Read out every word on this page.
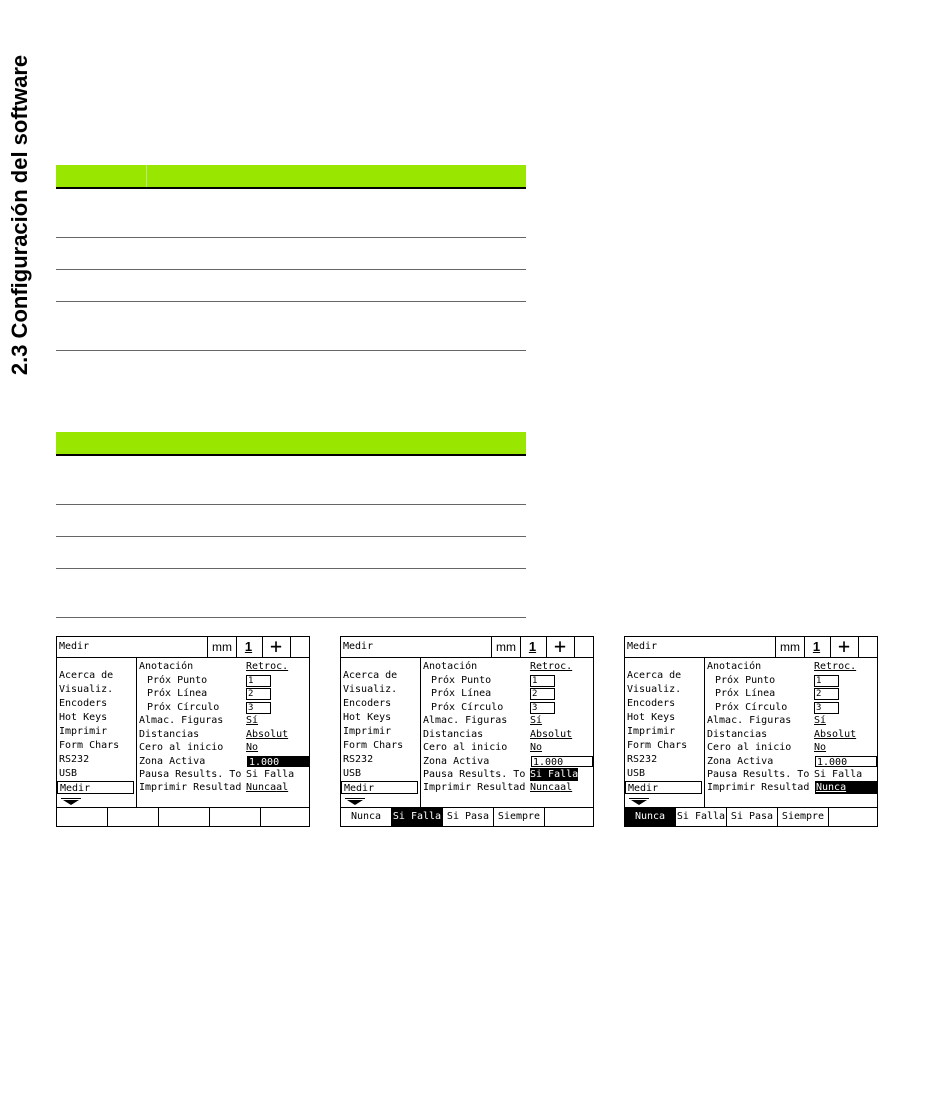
2.3 Configuración del software
Medir	mm 1 +
Acerca de
Visualiz.
Encoders
Hot Keys
Imprimir
Form Chars
RS232
USB
Medir
Anotación	Retroc.
Próx Punto	1
Próx Línea	2
Próx Círculo	3
Almac. Figuras Sí
Distancias	Absolut
Cero al inicio No
Zona Activa	1.000
Pausa Results. To Si Falla
Imprimir Resultad Nuncaal
Medir	mm 1 +
Acerca de
Visualiz.
Encoders
Hot Keys
Imprimir
Form Chars
RS232
USB
Medir
Anotación	Retroc.
Próx Punto	1
Próx Línea	2
Próx Círculo	3
Almac. Figuras Sí
Distancias	Absolut
Cero al inicio No
Zona Activa	1.000
Pausa Results. To Si Falla
Imprimir Resultad Nuncaal
Nunca	Si Falla Si Pasa Siempre
Medir	mm 1 +
Acerca de
Visualiz.
Encoders
Hot Keys
Imprimir
Form Chars
RS232
USB
Medir
Anotación	Retroc.
Próx Punto	1
Próx Línea	2
Próx Círculo	3
Almac. Figuras Sí
Distancias	Absolut
Cero al inicio No
Zona Activa	1.000
Pausa Results. To Si Falla
Imprimir Resultad Nunca
Nunca	Si Falla Si Pasa Siempre
